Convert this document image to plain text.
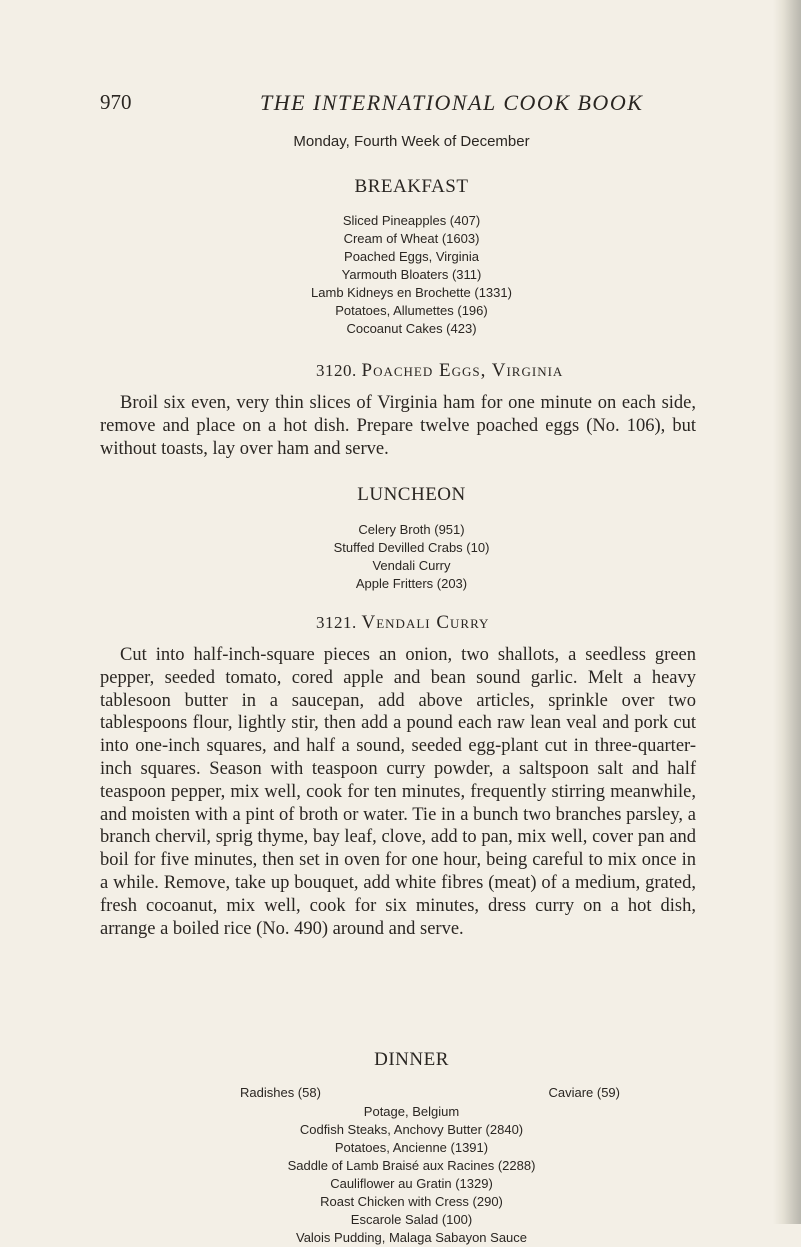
970	THE INTERNATIONAL COOK BOOK
Monday, Fourth Week of December
BREAKFAST
Sliced Pineapples (407)
Cream of Wheat (1603)
Poached Eggs, Virginia
Yarmouth Bloaters (311)
Lamb Kidneys en Brochette (1331)
Potatoes, Allumettes (196)
Cocoanut Cakes (423)
3120. Poached Eggs, Virginia

Broil six even, very thin slices of Virginia ham for one minute on each side, remove and place on a hot dish. Prepare twelve poached eggs (No. 106), but without toasts, lay over ham and serve.

LUNCHEON
Celery Broth (951)
Stuffed Devilled Crabs (10)
Vendali Curry
Apple Fritters (203)
3121. Vendali Curry

Cut into half-inch-square pieces an onion, two shallots, a seedless green pepper, seeded tomato, cored apple and bean sound garlic. Melt a heavy tablesoon butter in a saucepan, add above articles, sprinkle over two tablespoons flour, lightly stir, then add a pound each raw lean veal and pork cut into one-inch squares, and half a sound, seeded egg-plant cut in three-quarter-inch squares. Season with teaspoon curry powder, a saltspoon salt and half teaspoon pepper, mix well, cook for ten minutes, frequently stirring meanwhile, and moisten with a pint of broth or water. Tie in a bunch two branches parsley, a branch chervil, sprig thyme, bay leaf, clove, add to pan, mix well, cover pan and boil for five minutes, then set in oven for one hour, being careful to mix once in a while. Remove, take up bouquet, add white fibres (meat) of a medium, grated, fresh cocoanut, mix well, cook for six minutes, dress curry on a hot dish, arrange a boiled rice (No. 490) around and serve.

DINNER
Radishes (58)	Caviare (59)
Potage, Belgium
Codfish Steaks, Anchovy Butter (2840)
Potatoes, Ancienne (1391)
Saddle of Lamb Braisé aux Racines (2288)
Cauliflower au Gratin (1329)
Roast Chicken with Cress (290)
Escarole Salad (100)
Valois Pudding, Malaga Sabayon Sauce
